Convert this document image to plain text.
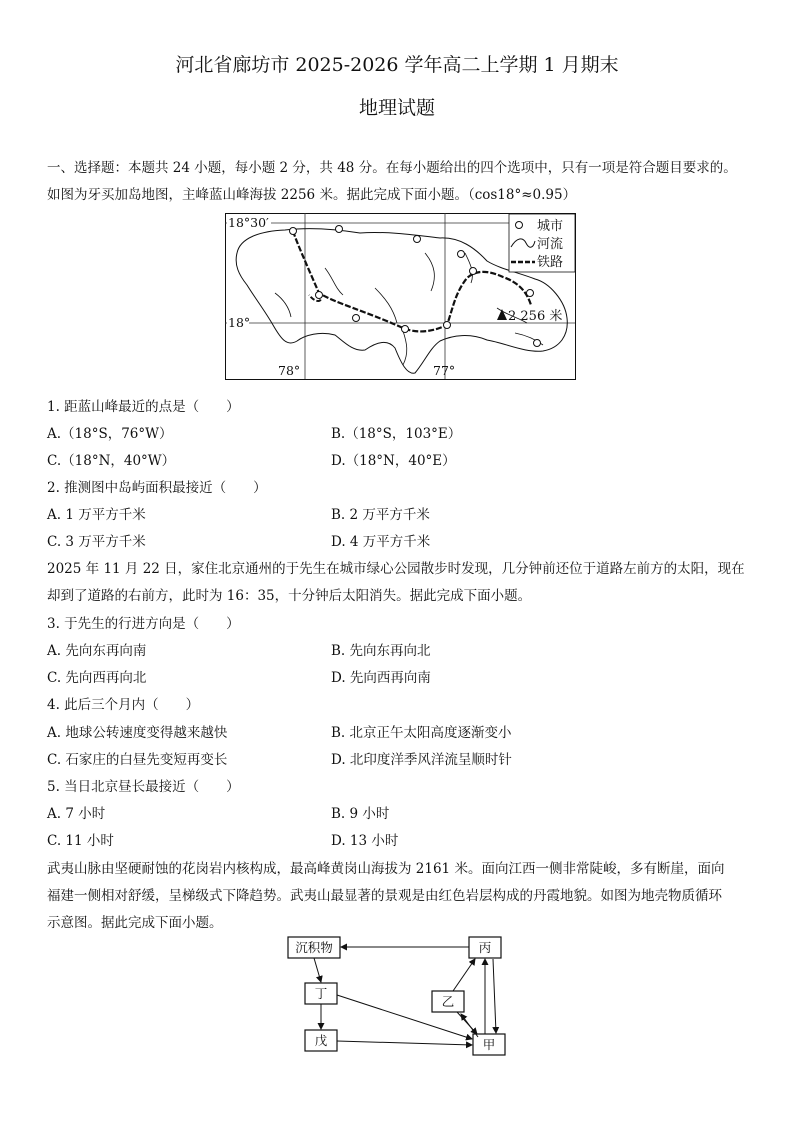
河北省廊坊市 2025-2026 学年高二上学期 1 月期末
地理试题
一、选择题：本题共 24 小题，每小题 2 分，共 48 分。在每小题给出的四个选项中，只有一项是符合题目要求的。
如图为牙买加岛地图，主峰蓝山峰海拔 2256 米。据此完成下面小题。（cos18°≈0.95）
2 256 米
18°30′
18°
78°	77°
城市
河流
铁路
1. 距蓝山峰最近的点是（　　）
A.（18°S，76°W）	B.（18°S，103°E）
C.（18°N，40°W）	D.（18°N，40°E）
2. 推测图中岛屿面积最接近（　　）
A. 1 万平方千米	B. 2 万平方千米
C. 3 万平方千米	D. 4 万平方千米
2025 年 11 月 22 日，家住北京通州的于先生在城市绿心公园散步时发现，几分钟前还位于道路左前方的太阳，现在
却到了道路的右前方，此时为 16：35，十分钟后太阳消失。据此完成下面小题。
3. 于先生的行进方向是（　　）
A. 先向东再向南	B. 先向东再向北
C. 先向西再向北	D. 先向西再向南
4. 此后三个月内（　　）
A. 地球公转速度变得越来越快	B. 北京正午太阳高度逐渐变小
C. 石家庄的白昼先变短再变长	D. 北印度洋季风洋流呈顺时针
5. 当日北京昼长最接近（　　）
A. 7 小时	B. 9 小时
C. 11 小时	D. 13 小时
武夷山脉由坚硬耐蚀的花岗岩内核构成，最高峰黄岗山海拔为 2161 米。面向江西一侧非常陡峻，多有断崖，面向
福建一侧相对舒缓，呈梯级式下降趋势。武夷山最显著的景观是由红色岩层构成的丹霞地貌。如图为地壳物质循环
示意图。据此完成下面小题。
沉积物	丙
丁
乙
戊	甲
